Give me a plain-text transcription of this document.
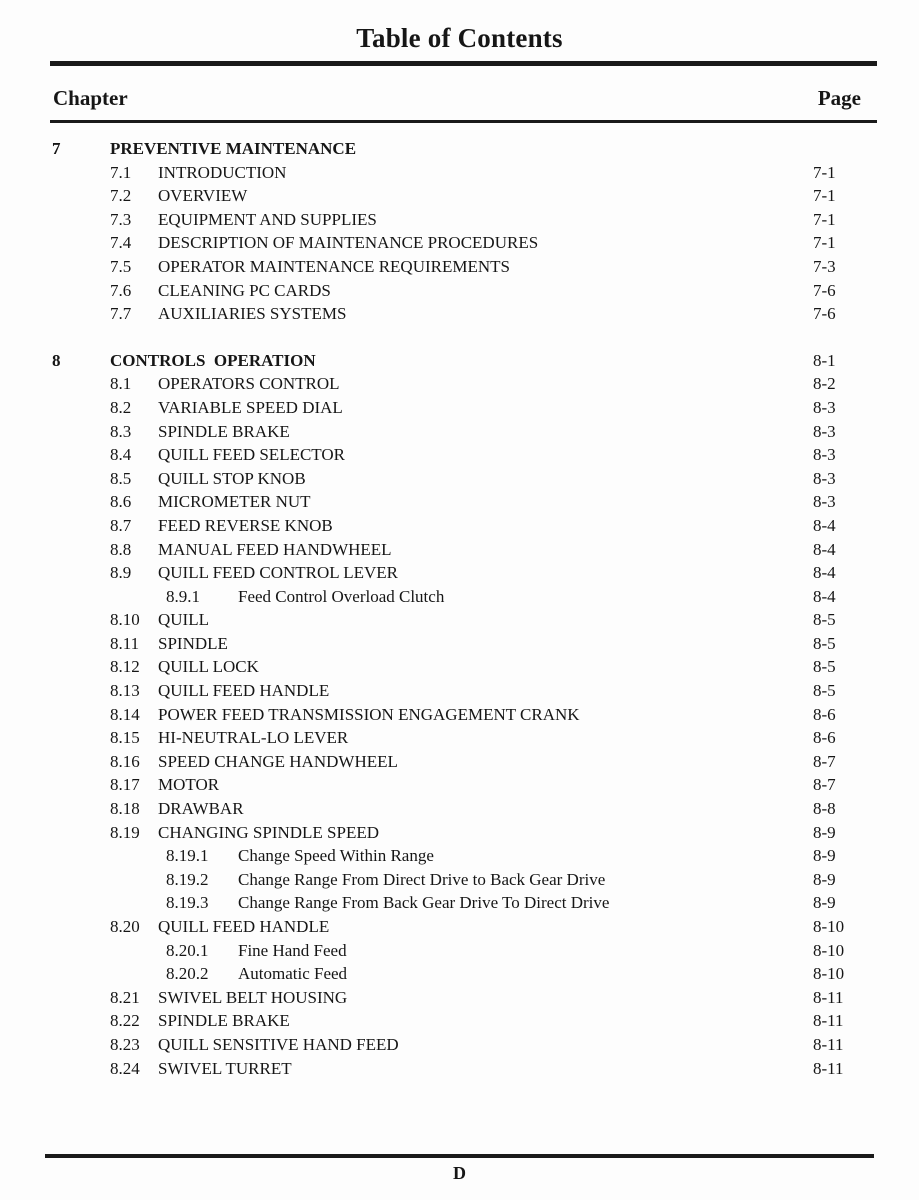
Table of Contents
Chapter	Page
7	PREVENTIVE MAINTENANCE
7.1	INTRODUCTION	7-1
7.2	OVERVIEW	7-1
7.3	EQUIPMENT AND SUPPLIES	7-1
7.4	DESCRIPTION OF MAINTENANCE PROCEDURES	7-1
7.5	OPERATOR MAINTENANCE REQUIREMENTS	7-3
7.6	CLEANING PC CARDS	7-6
7.7	AUXILIARIES SYSTEMS	7-6
8	CONTROLS  OPERATION	8-1
8.1	OPERATORS CONTROL	8-2
8.2	VARIABLE SPEED DIAL	8-3
8.3	SPINDLE BRAKE	8-3
8.4	QUILL FEED SELECTOR	8-3
8.5	QUILL STOP KNOB	8-3
8.6	MICROMETER NUT	8-3
8.7	FEED REVERSE KNOB	8-4
8.8	MANUAL FEED HANDWHEEL	8-4
8.9	QUILL FEED CONTROL LEVER	8-4
8.9.1	Feed Control Overload Clutch	8-4
8.10	QUILL	8-5
8.11	SPINDLE	8-5
8.12	QUILL LOCK	8-5
8.13	QUILL FEED HANDLE	8-5
8.14	POWER FEED TRANSMISSION ENGAGEMENT CRANK	8-6
8.15	HI-NEUTRAL-LO LEVER	8-6
8.16	SPEED CHANGE HANDWHEEL	8-7
8.17	MOTOR	8-7
8.18	DRAWBAR	8-8
8.19	CHANGING SPINDLE SPEED	8-9
8.19.1	Change Speed Within Range	8-9
8.19.2	Change Range From Direct Drive to Back Gear Drive	8-9
8.19.3	Change Range From Back Gear Drive To Direct Drive	8-9
8.20	QUILL FEED HANDLE	8-10
8.20.1	Fine Hand Feed	8-10
8.20.2	Automatic Feed	8-10
8.21	SWIVEL BELT HOUSING	8-11
8.22	SPINDLE BRAKE	8-11
8.23	QUILL SENSITIVE HAND FEED	8-11
8.24	SWIVEL TURRET	8-11
D
